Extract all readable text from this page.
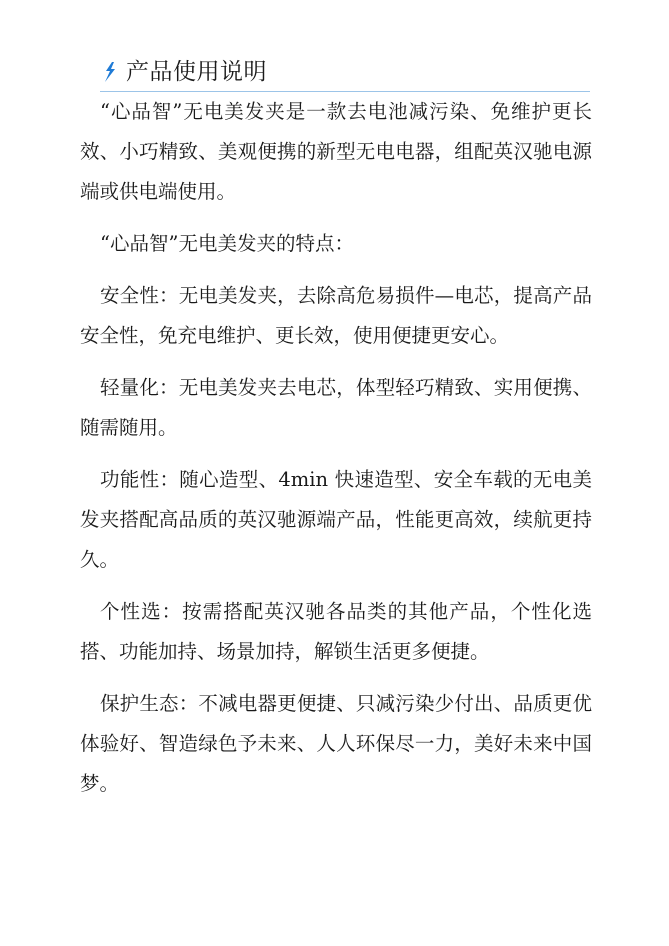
产品使用说明

“心品智”无电美发夹是一款去电池减污染、免维护更长效、小巧精致、美观便携的新型无电电器，组配英汉驰电源端或供电端使用。

“心品智”无电美发夹的特点：

安全性：无电美发夹，去除高危易损件—电芯，提高产品安全性，免充电维护、更长效，使用便捷更安心。

轻量化：无电美发夹去电芯，体型轻巧精致、实用便携、随需随用。

功能性：随心造型、4min 快速造型、安全车载的无电美发夹搭配高品质的英汉驰源端产品，性能更高效，续航更持久。

个性选：按需搭配英汉驰各品类的其他产品，个性化选搭、功能加持、场景加持，解锁生活更多便捷。

保护生态：不减电器更便捷、只减污染少付出、品质更优体验好、智造绿色予未来、人人环保尽一力，美好未来中国梦。
